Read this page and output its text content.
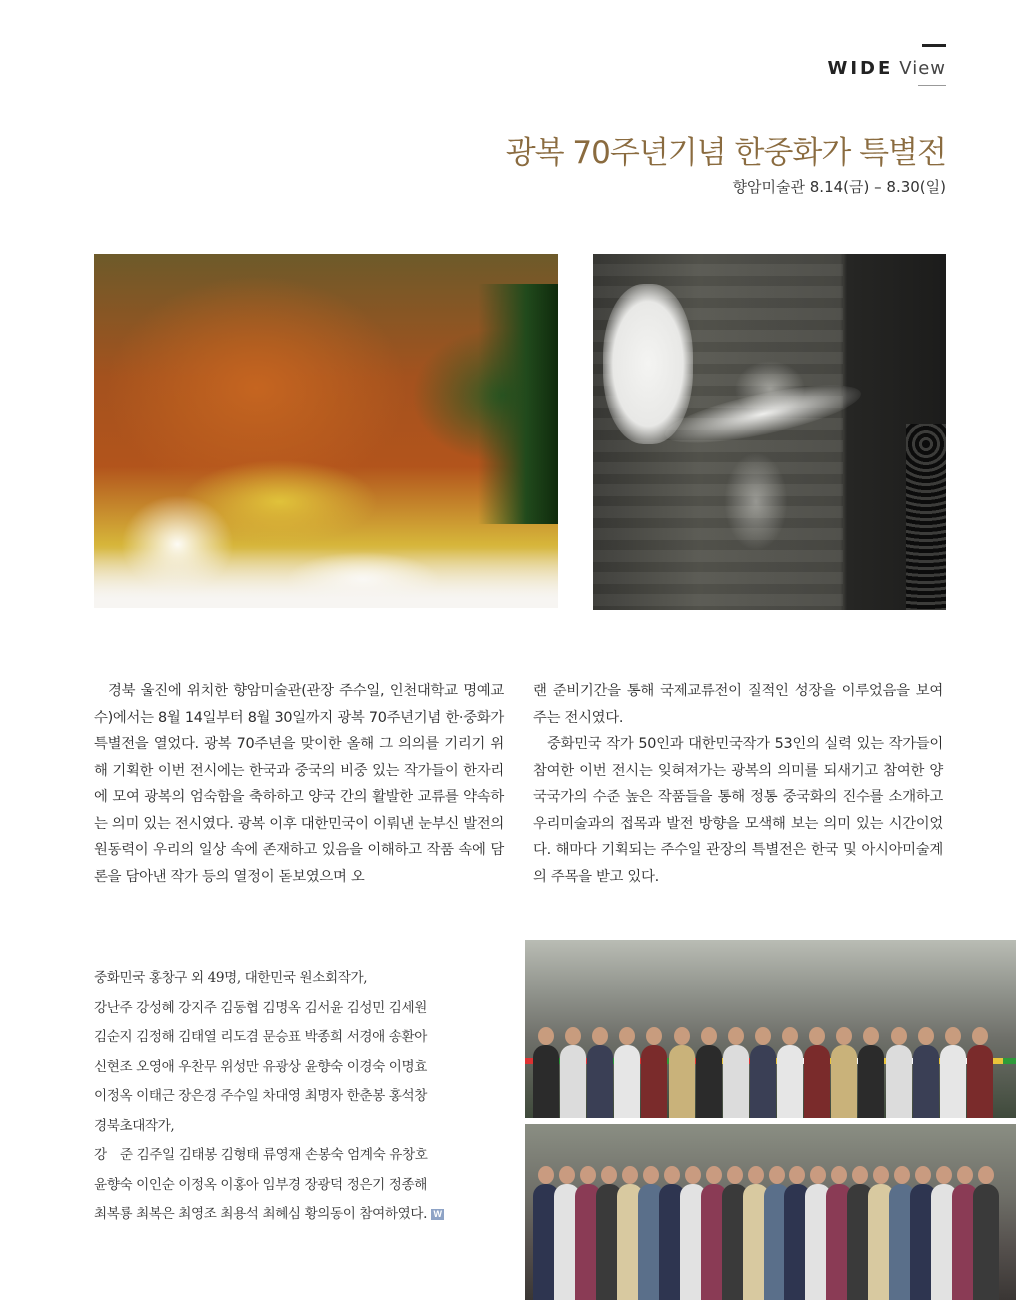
WIDE View
광복 70주년기념 한중화가 특별전
향암미술관 8.14(금) – 8.30(일)

경북 울진에 위치한 향암미술관(관장 주수일, 인천대학교 명예교수)에서는 8월 14일부터 8월 30일까지 광복 70주년기념 한·중화가 특별전을 열었다. 광복 70주년을 맞이한 올해 그 의의를 기리기 위해 기획한 이번 전시에는 한국과 중국의 비중 있는 작가들이 한자리에 모여 광복의 엄숙함을 축하하고 양국 간의 활발한 교류를 약속하는 의미 있는 전시였다. 광복 이후 대한민국이 이뤄낸 눈부신 발전의 원동력이 우리의 일상 속에 존재하고 있음을 이해하고 작품 속에 담론을 담아낸 작가 등의 열정이 돋보였으며 오

랜 준비기간을 통해 국제교류전이 질적인 성장을 이루었음을 보여주는 전시였다.

중화민국 작가 50인과 대한민국작가 53인의 실력 있는 작가들이 참여한 이번 전시는 잊혀져가는 광복의 의미를 되새기고 참여한 양국국가의 수준 높은 작품들을 통해 정통 중국화의 진수를 소개하고 우리미술과의 접목과 발전 방향을 모색해 보는 의미 있는 시간이었다. 해마다 기획되는 주수일 관장의 특별전은 한국 및 아시아미술계의 주목을 받고 있다.

중화민국 홍창구 외 49명, 대한민국 원소회작가,
강난주 강성혜 강지주 김동협 김명옥 김서윤 김성민 김세원
김순지 김정해 김태열 리도겸 문승표 박종희 서경애 송환아
신현조 오영애 우찬무 위성만 유광상 윤향숙 이경숙 이명효
이정옥 이태근 장은경 주수일 차대영 최명자 한춘봉 홍석창
경북초대작가,
강　준 김주일 김태봉 김형태 류영재 손봉숙 엄계숙 유창호
윤향숙 이인순 이정옥 이홍아 임부경 장광덕 정은기 정종해
최복룡 최복은 최영조 최용석 최혜심 황의동이 참여하였다. W
